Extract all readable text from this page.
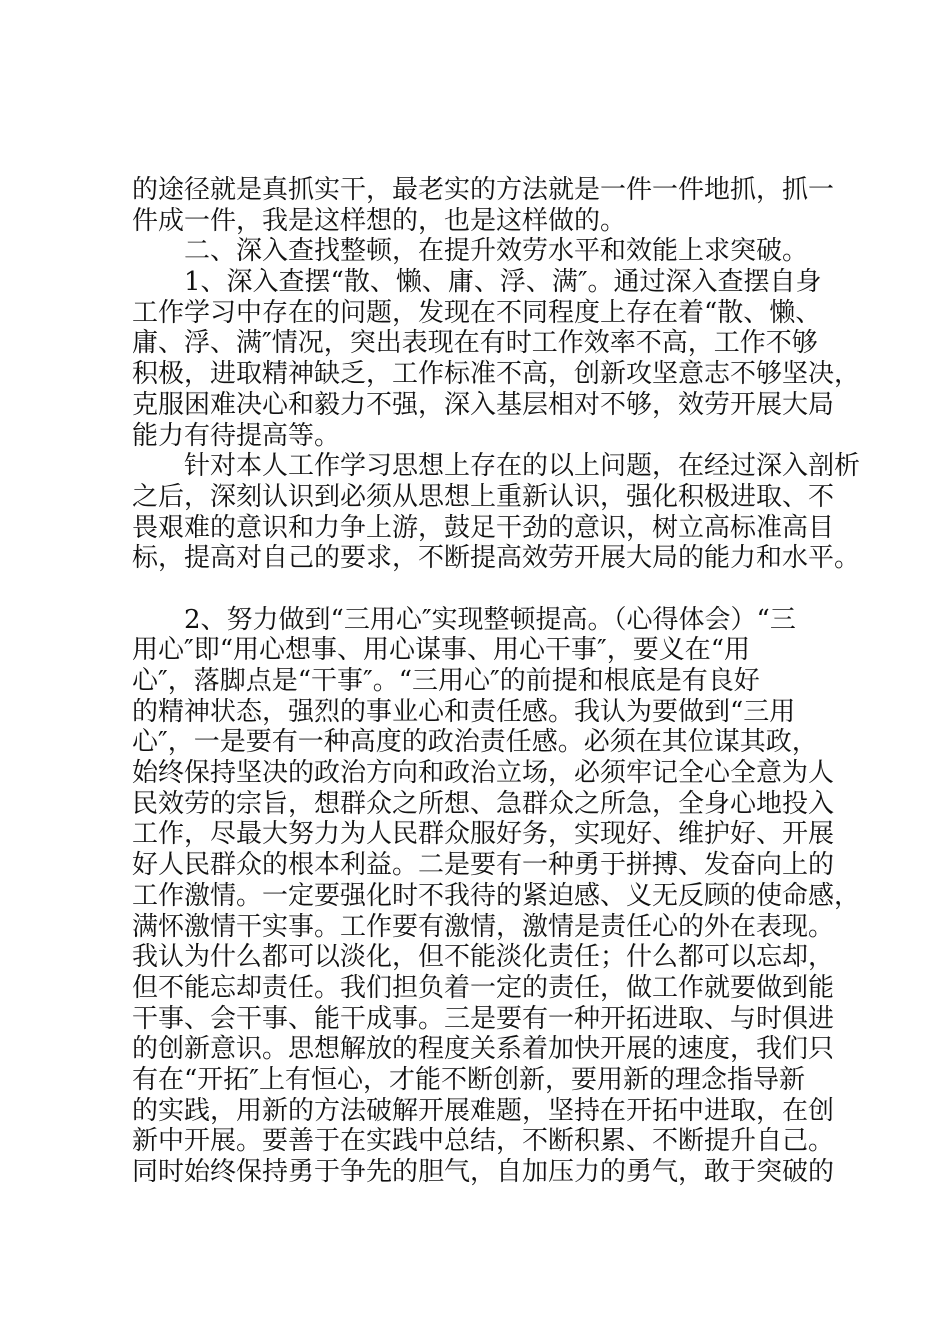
的途径就是真抓实干，最老实的方法就是一件一件地抓，抓一
件成一件，我是这样想的，也是这样做的。
　　二、深入查找整顿，在提升效劳水平和效能上求突破。
　　1、深入查摆“散、懒、庸、浮、满″。通过深入查摆自身
工作学习中存在的问题，发现在不同程度上存在着“散、懒、
庸、浮、满″情况，突出表现在有时工作效率不高，工作不够
积极，进取精神缺乏，工作标准不高，创新攻坚意志不够坚决，
克服困难决心和毅力不强，深入基层相对不够，效劳开展大局
能力有待提高等。
　　针对本人工作学习思想上存在的以上问题，在经过深入剖析
之后，深刻认识到必须从思想上重新认识，强化积极进取、不
畏艰难的意识和力争上游，鼓足干劲的意识，树立高标准高目
标，提高对自己的要求，不断提高效劳开展大局的能力和水平。
　　2、努力做到“三用心″实现整顿提高。（心得体会）“三
用心″即“用心想事、用心谋事、用心干事″，要义在“用
心″，落脚点是“干事″。“三用心″的前提和根底是有良好
的精神状态，强烈的事业心和责任感。我认为要做到“三用
心″，一是要有一种高度的政治责任感。必须在其位谋其政，
始终保持坚决的政治方向和政治立场，必须牢记全心全意为人
民效劳的宗旨，想群众之所想、急群众之所急，全身心地投入
工作，尽最大努力为人民群众服好务，实现好、维护好、开展
好人民群众的根本利益。二是要有一种勇于拼搏、发奋向上的
工作激情。一定要强化时不我待的紧迫感、义无反顾的使命感，
满怀激情干实事。工作要有激情，激情是责任心的外在表现。
我认为什么都可以淡化，但不能淡化责任；什么都可以忘却，
但不能忘却责任。我们担负着一定的责任，做工作就要做到能
干事、会干事、能干成事。三是要有一种开拓进取、与时俱进
的创新意识。思想解放的程度关系着加快开展的速度，我们只
有在“开拓″上有恒心，才能不断创新，要用新的理念指导新
的实践，用新的方法破解开展难题，坚持在开拓中进取，在创
新中开展。要善于在实践中总结，不断积累、不断提升自己。
同时始终保持勇于争先的胆气，自加压力的勇气，敢于突破的
